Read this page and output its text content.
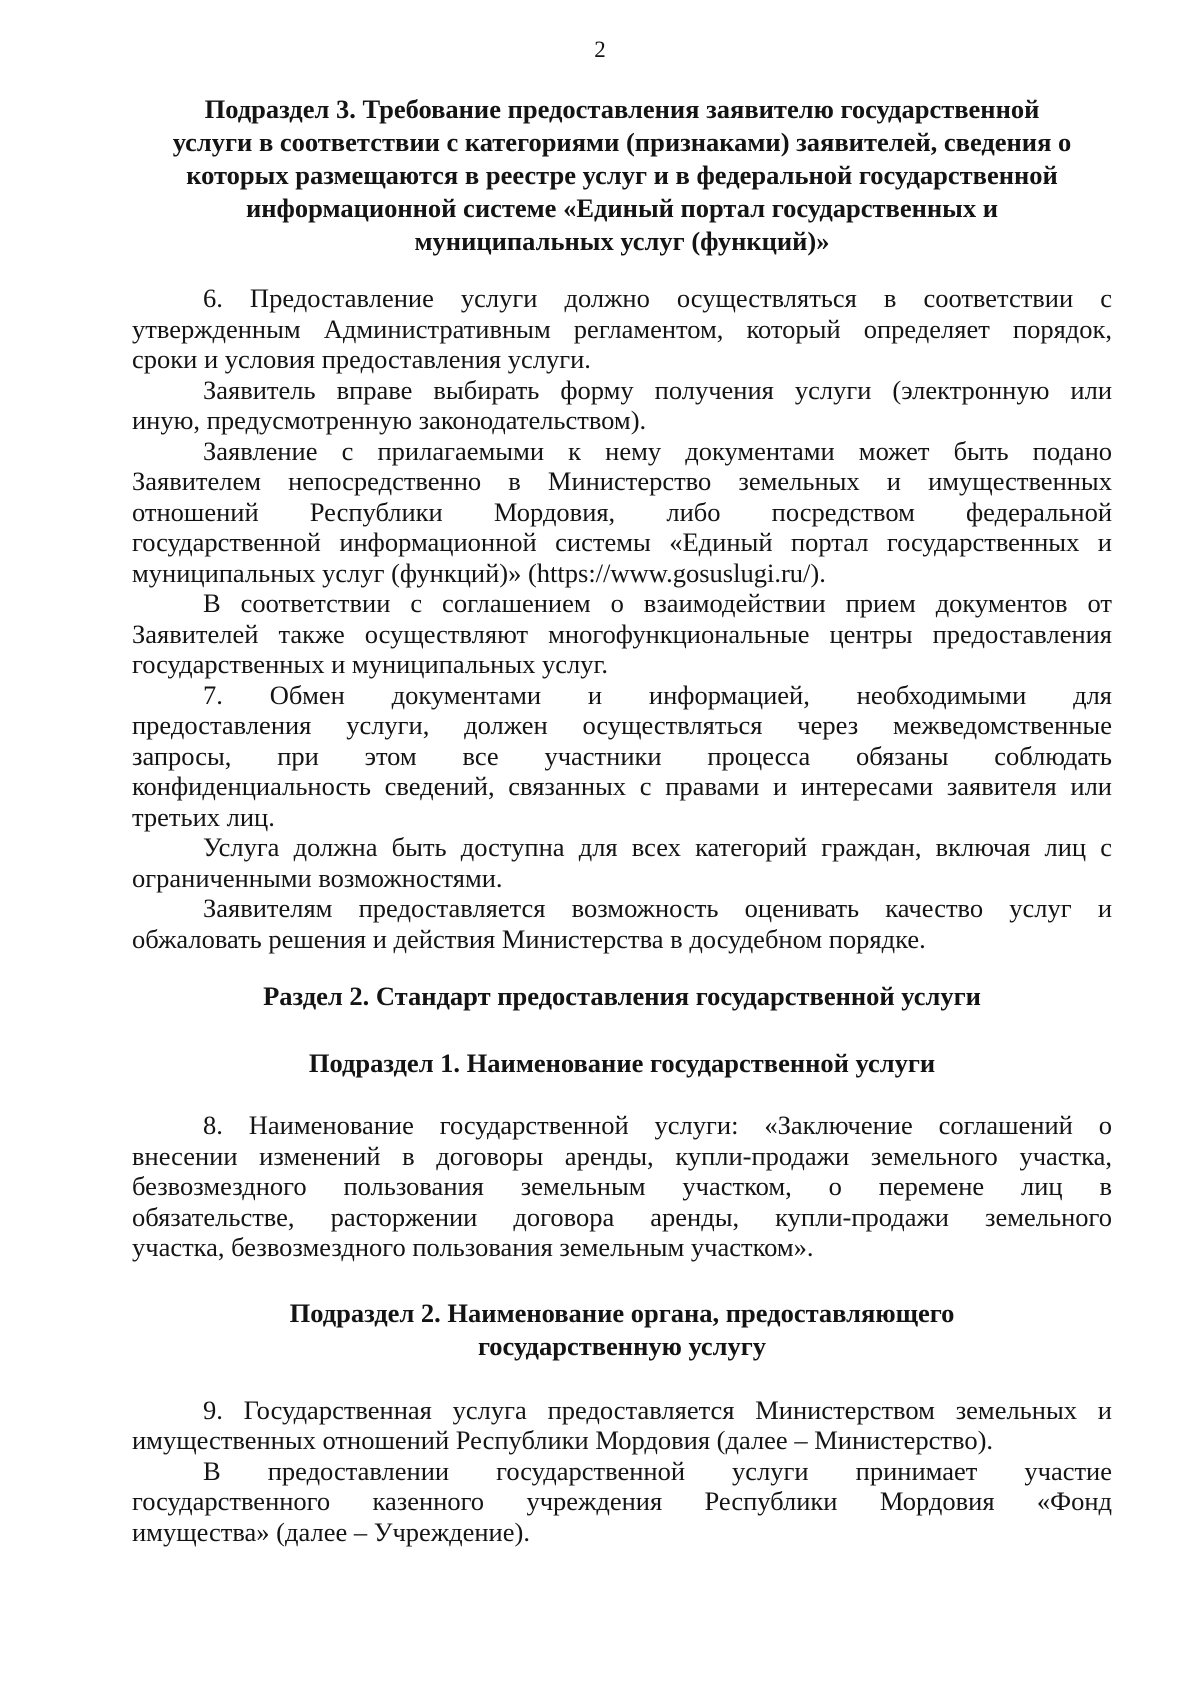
2
Подраздел 3. Требование предоставления заявителю государственной
услуги в соответствии с категориями (признаками) заявителей, сведения о
которых размещаются в реестре услуг и в федеральной государственной
информационной системе «Единый портал государственных и
муниципальных услуг (функций)»
6. Предоставление услуги должно осуществляться в соответствии с
утвержденным Административным регламентом, который определяет порядок,
сроки и условия предоставления услуги.
Заявитель вправе выбирать форму получения услуги (электронную или
иную, предусмотренную законодательством).
Заявление с прилагаемыми к нему документами может быть подано
Заявителем непосредственно в Министерство земельных и имущественных
отношений Республики Мордовия, либо посредством федеральной
государственной информационной системы «Единый портал государственных и
муниципальных услуг (функций)» (https://www.gosuslugi.ru/).
В соответствии с соглашением о взаимодействии прием документов от
Заявителей также осуществляют многофункциональные центры предоставления
государственных и муниципальных услуг.
7. Обмен документами и информацией, необходимыми для
предоставления услуги, должен осуществляться через межведомственные
запросы, при этом все участники процесса обязаны соблюдать
конфиденциальность сведений, связанных с правами и интересами заявителя или
третьих лиц.
Услуга должна быть доступна для всех категорий граждан, включая лиц с
ограниченными возможностями.
Заявителям предоставляется возможность оценивать качество услуг и
обжаловать решения и действия Министерства в досудебном порядке.
Раздел 2. Стандарт предоставления государственной услуги
Подраздел 1. Наименование государственной услуги
8. Наименование государственной услуги: «Заключение соглашений о
внесении изменений в договоры аренды, купли-продажи земельного участка,
безвозмездного пользования земельным участком, о перемене лиц в
обязательстве, расторжении договора аренды, купли-продажи земельного
участка, безвозмездного пользования земельным участком».
Подраздел 2. Наименование органа, предоставляющего
государственную услугу
9. Государственная услуга предоставляется Министерством земельных и
имущественных отношений Республики Мордовия (далее – Министерство).
В предоставлении государственной услуги принимает участие
государственного казенного учреждения Республики Мордовия «Фонд
имущества» (далее – Учреждение).
